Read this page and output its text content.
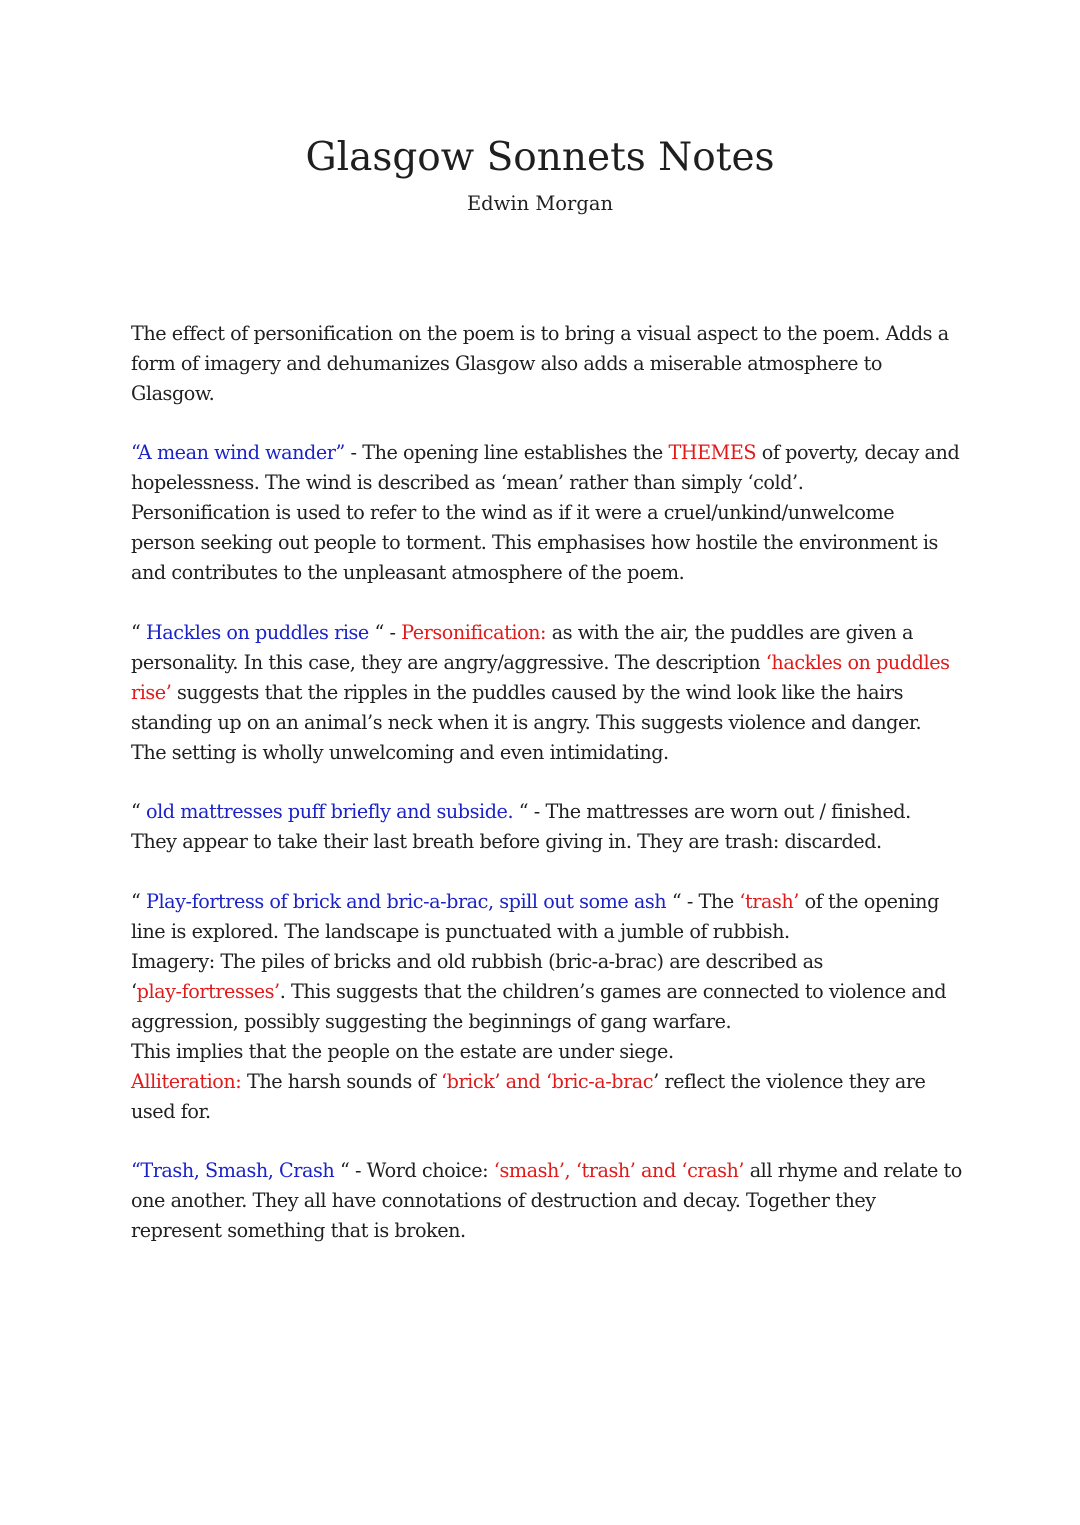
Glasgow Sonnets Notes
Edwin Morgan
The effect of personification on the poem is to bring a visual aspect to the poem. Adds a
form of imagery and dehumanizes Glasgow also adds a miserable atmosphere to
Glasgow.
“A mean wind wander” - The opening line establishes the THEMES of poverty, decay and
hopelessness. The wind is described as ‘mean’ rather than simply ‘cold’.
Personification is used to refer to the wind as if it were a cruel/unkind/unwelcome
person seeking out people to torment. This emphasises how hostile the environment is
and contributes to the unpleasant atmosphere of the poem.
“ Hackles on puddles rise “ - Personification: as with the air, the puddles are given a
personality. In this case, they are angry/aggressive. The description ‘hackles on puddles
rise’ suggests that the ripples in the puddles caused by the wind look like the hairs
standing up on an animal’s neck when it is angry. This suggests violence and danger.
The setting is wholly unwelcoming and even intimidating.
“ old mattresses puff briefly and subside. “ - The mattresses are worn out / finished.
They appear to take their last breath before giving in. They are trash: discarded.
“ Play-fortress of brick and bric-a-brac, spill out some ash “ - The ‘trash’ of the opening
line is explored. The landscape is punctuated with a jumble of rubbish.
Imagery: The piles of bricks and old rubbish (bric-a-brac) are described as
‘play-fortresses’. This suggests that the children’s games are connected to violence and
aggression, possibly suggesting the beginnings of gang warfare.
This implies that the people on the estate are under siege.
Alliteration: The harsh sounds of ‘brick’ and ‘bric-a-brac’ reflect the violence they are
used for.
“Trash, Smash, Crash “ - Word choice: ‘smash’, ‘trash’ and ‘crash’ all rhyme and relate to
one another. They all have connotations of destruction and decay. Together they
represent something that is broken.
